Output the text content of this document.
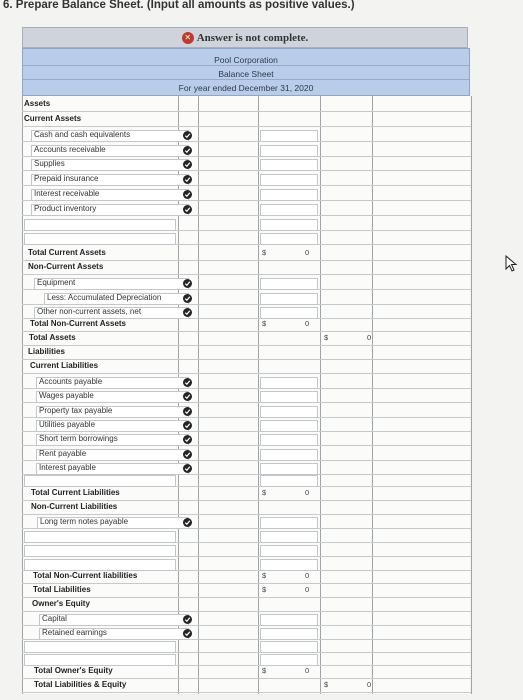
6. Prepare Balance Sheet. (Input all amounts as positive values.)
✕ Answer is not complete.
Pool Corporation
Balance Sheet
For year ended December 31, 2020
Assets
Current Assets
Cash and cash equivalents
Accounts receivable
Supplies
Prepaid insurance
Interest receivable
Product inventory
Total Current Assets	$	0
Non-Current Assets
Equipment
Less: Accumulated Depreciation
Other non-current assets, net
Total Non-Current Assets	$	0
Total Assets	$	0
Liabilities
Current Liabilities
Accounts payable
Wages payable
Property tax payable
Utilities payable
Short term borrowings
Rent payable
Interest payable
Total Current Liabilities	$	0
Non-Current Liabilities
Long term notes payable
Total Non-Current liabilities	$	0
Total Liabilities	$	0
Owner's Equity
Capital
Retained earnings
Total Owner's Equity	$	0
Total Liabilities & Equity	$	0
